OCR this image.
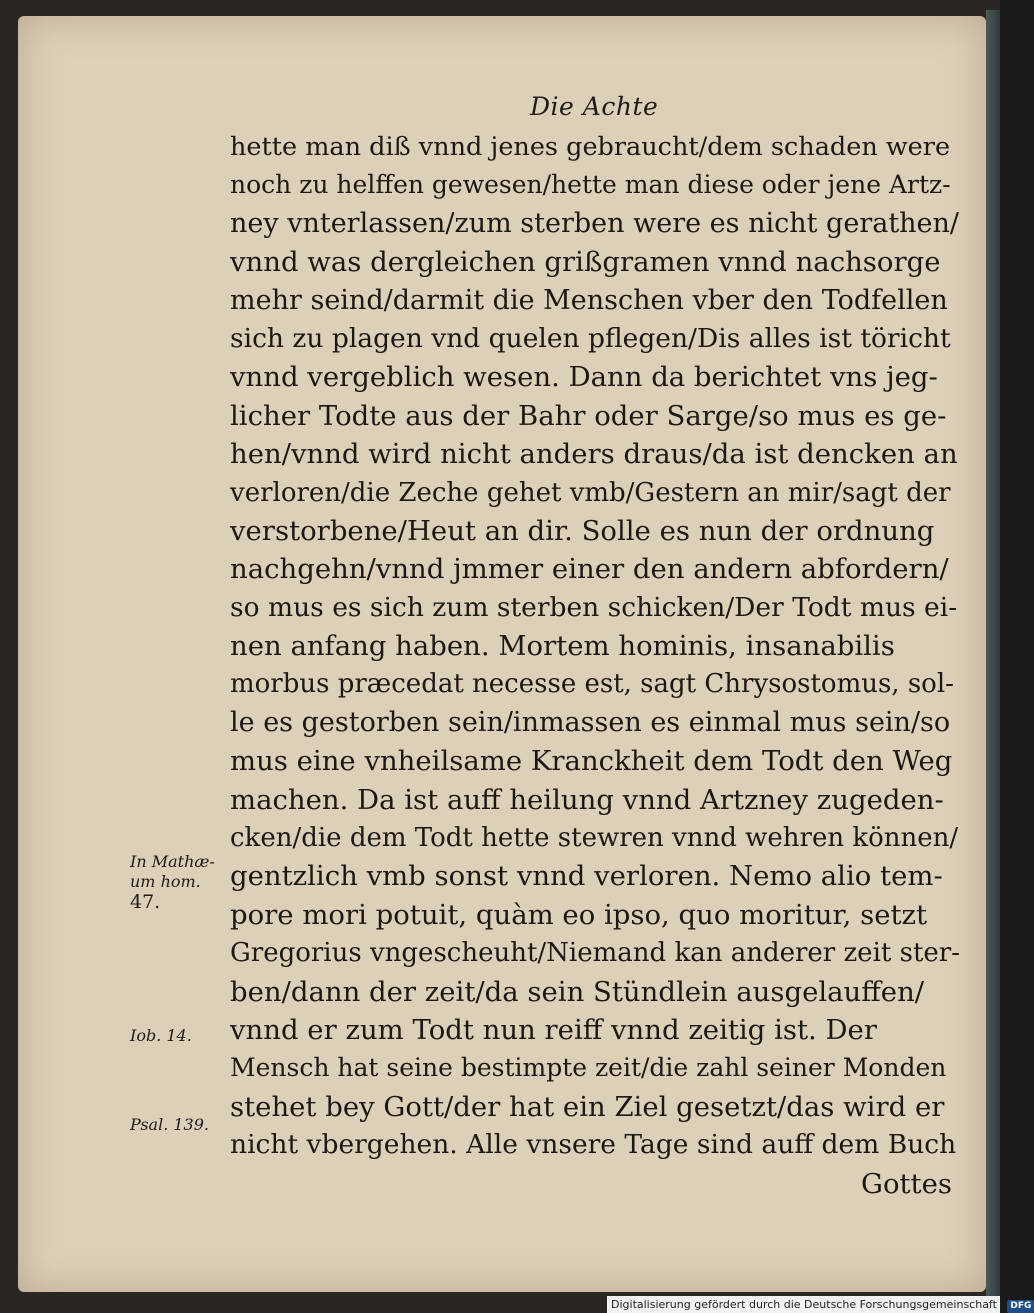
Die Achte
hette man diß vnnd jenes gebraucht/dem schaden were
noch zu helffen gewesen/hette man diese oder jene Artz-
ney vnterlassen/zum sterben were es nicht gerathen/
vnnd was dergleichen grißgramen vnnd nachsorge
mehr seind/darmit die Menschen vber den Todfellen
sich zu plagen vnd quelen pflegen/Dis alles ist töricht
vnnd vergeblich wesen. Dann da berichtet vns jeg-
licher Todte aus der Bahr oder Sarge/so mus es ge-
hen/vnnd wird nicht anders draus/da ist dencken an
verloren/die Zeche gehet vmb/Gestern an mir/sagt der
verstorbene/Heut an dir. Solle es nun der ordnung
nachgehn/vnnd jmmer einer den andern abfordern/
so mus es sich zum sterben schicken/Der Todt mus ei-
nen anfang haben. Mortem hominis, insanabilis
morbus præcedat necesse est, sagt Chrysostomus, sol-
le es gestorben sein/inmassen es einmal mus sein/so
mus eine vnheilsame Kranckheit dem Todt den Weg
machen. Da ist auff heilung vnnd Artzney zugeden-
cken/die dem Todt hette stewren vnnd wehren können/
gentzlich vmb sonst vnnd verloren. Nemo alio tem-
pore mori potuit, quàm eo ipso, quo moritur, setzt
Gregorius vngescheuht/Niemand kan anderer zeit ster-
ben/dann der zeit/da sein Stündlein ausgelauffen/
vnnd er zum Todt nun reiff vnnd zeitig ist. Der
Mensch hat seine bestimpte zeit/die zahl seiner Monden
stehet bey Gott/der hat ein Ziel gesetzt/das wird er
nicht vbergehen. Alle vnsere Tage sind auff dem Buch
Gottes
In Mathæ-
um hom.
47.
Iob. 14.
Psal. 139.
Digitalisierung gefördert durch die Deutsche Forschungsgemeinschaft - DFG
